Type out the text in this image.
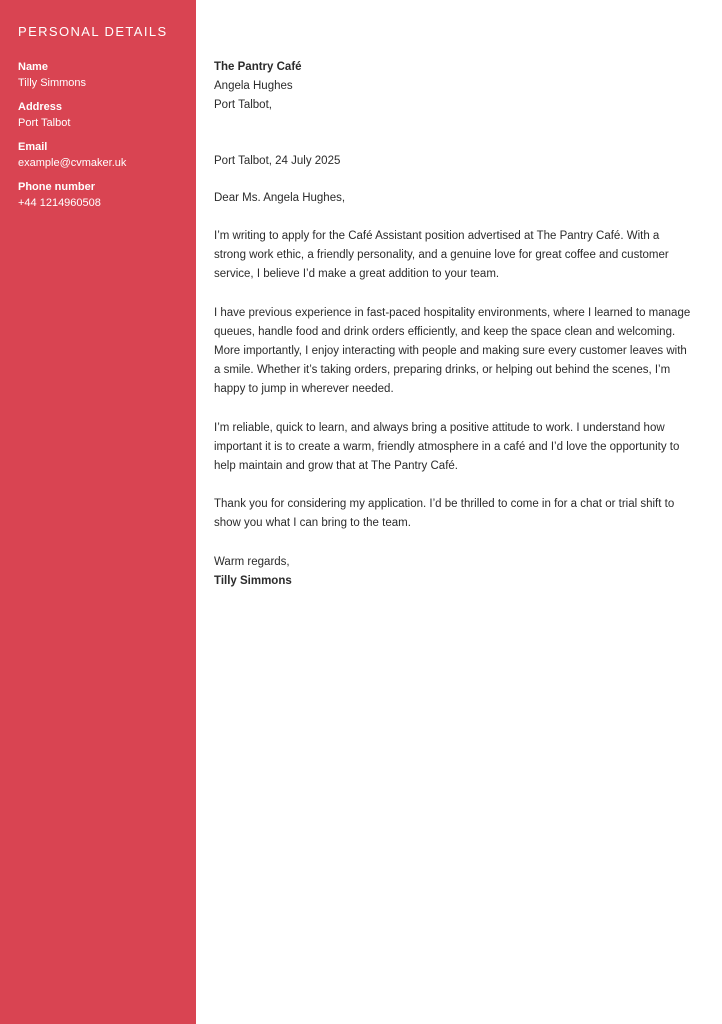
PERSONAL DETAILS
Name
Tilly Simmons
Address
Port Talbot
Email
example@cvmaker.uk
Phone number
+44 1214960508
The Pantry Café
Angela Hughes
Port Talbot,
Port Talbot, 24 July 2025
Dear Ms. Angela Hughes,

I’m writing to apply for the Café Assistant position advertised at The Pantry Café. With a strong work ethic, a friendly personality, and a genuine love for great coffee and customer service, I believe I’d make a great addition to your team.

I have previous experience in fast-paced hospitality environments, where I learned to manage queues, handle food and drink orders efficiently, and keep the space clean and welcoming. More importantly, I enjoy interacting with people and making sure every customer leaves with a smile. Whether it’s taking orders, preparing drinks, or helping out behind the scenes, I’m happy to jump in wherever needed.

I’m reliable, quick to learn, and always bring a positive attitude to work. I understand how important it is to create a warm, friendly atmosphere in a café and I’d love the opportunity to help maintain and grow that at The Pantry Café.

Thank you for considering my application. I’d be thrilled to come in for a chat or trial shift to show you what I can bring to the team.

Warm regards,
Tilly Simmons
